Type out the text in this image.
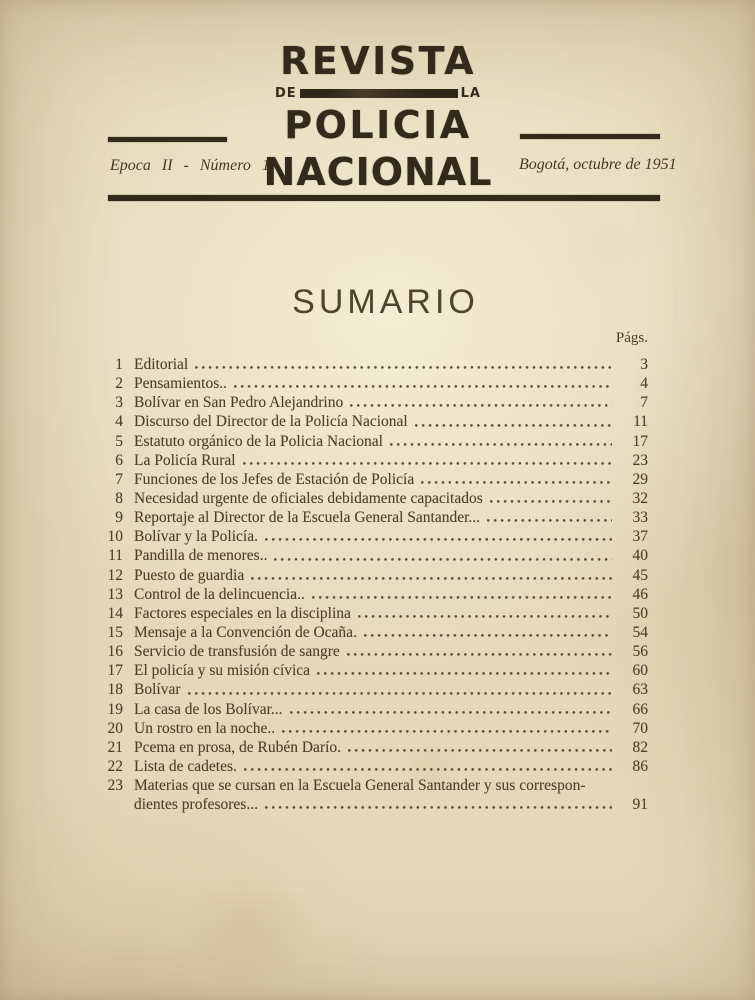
REVISTA
DE	LA
POLICIA
NACIONAL
Epoca II - Número 1	Bogotá, octubre de 1951
SUMARIO
Págs.
1 Editorial	3
2 Pensamientos..	4
3 Bolívar en San Pedro Alejandrino	7
4 Discurso del Director de la Policía Nacional	11
5 Estatuto orgánico de la Policia Nacional	17
6 La Policía Rural	23
7 Funciones de los Jefes de Estación de Policía	29
8 Necesidad urgente de oficiales debidamente capacitados	32
9 Reportaje al Director de la Escuela General Santander...	33
10 Bolívar y la Policía.	37
11 Pandilla de menores..	40
12 Puesto de guardia	45
13 Control de la delincuencia..	46
14 Factores especiales en la disciplina	50
15 Mensaje a la Convención de Ocaña.	54
16 Servicio de transfusión de sangre	56
17 El policía y su misión cívica	60
18 Bolívar	63
19 La casa de los Bolívar...	66
20 Un rostro en la noche..	70
21 Pcema en prosa, de Rubén Darío.	82
22 Lista de cadetes.	86
23 Materias que se cursan en la Escuela General Santander y sus correspon-
dientes profesores...	91
